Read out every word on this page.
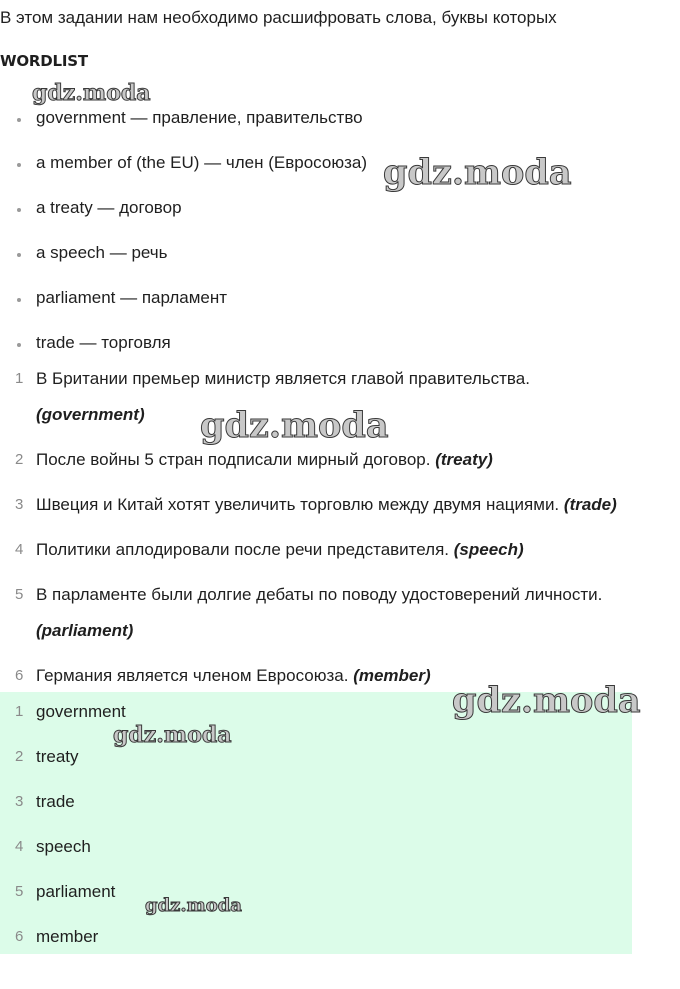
В этом задании нам необходимо расшифровать слова, буквы которых
WORDLIST
government — правление, правительство
a member of (the EU) — член (Евросоюза)
a treaty — договор
a speech — речь
parliament — парламент
trade — торговля
1 В Британии премьер министр является главой правительства.
(government)
2 После войны 5 стран подписали мирный договор. (treaty)
3 Швеция и Китай хотят увеличить торговлю между двумя нациями. (trade)
4 Политики аплодировали после речи представителя. (speech)
5 В парламенте были долгие дебаты по поводу удостоверений личности.
(parliament)
6 Германия является членом Евросоюза. (member)
1 government
2 treaty
3 trade
4 speech
5 parliament
6 member
gdz.moda
gdz.moda
gdz.moda
gdz.moda
gdz.moda
gdz.moda
